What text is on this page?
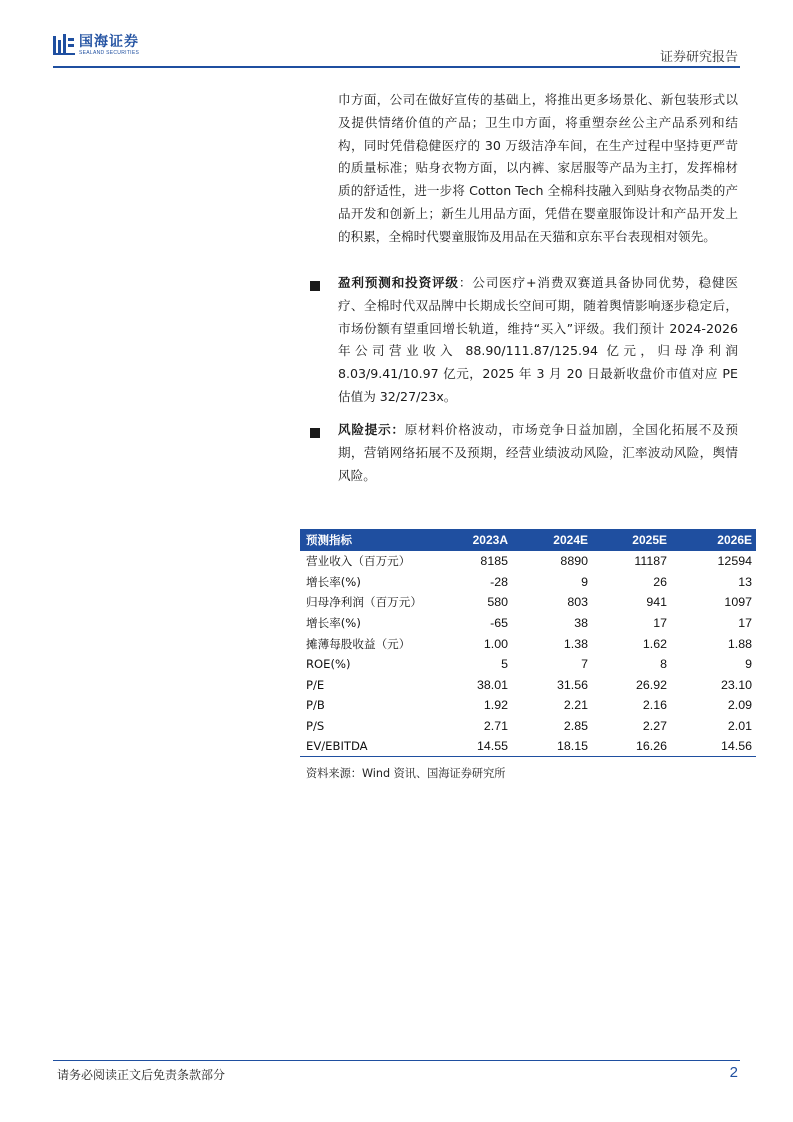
国海证券
SEALAND SECURITIES	证券研究报告

巾方面，公司在做好宣传的基础上，将推出更多场景化、新包装形式以及提供情绪价值的产品；卫生巾方面，将重塑奈丝公主产品系列和结构，同时凭借稳健医疗的 30 万级洁净车间，在生产过程中坚持更严苛的质量标准；贴身衣物方面，以内裤、家居服等产品为主打，发挥棉材质的舒适性，进一步将 Cotton Tech 全棉科技融入到贴身衣物品类的产品开发和创新上；新生儿用品方面，凭借在婴童服饰设计和产品开发上的积累，全棉时代婴童服饰及用品在天猫和京东平台表现相对领先。

盈利预测和投资评级：公司医疗+消费双赛道具备协同优势，稳健医疗、全棉时代双品牌中长期成长空间可期，随着舆情影响逐步稳定后，市场份额有望重回增长轨道，维持“买入”评级。我们预计 2024-2026 年公司营业收入 88.90/111.87/125.94 亿元，归母净利润 8.03/9.41/10.97 亿元，2025 年 3 月 20 日最新收盘价市值对应 PE 估值为 32/27/23x。

风险提示：原材料价格波动，市场竞争日益加剧，全国化拓展不及预期，营销网络拓展不及预期，经营业绩波动风险，汇率波动风险，舆情风险。

预测指标	2023A	2024E	2025E	2026E
营业收入（百万元）	8185	8890	11187	12594
增长率(%)	-28	9	26	13
归母净利润（百万元）	580	803	941	1097
增长率(%)	-65	38	17	17
摊薄每股收益（元）	1.00	1.38	1.62	1.88
ROE(%)	5	7	8	9
P/E	38.01	31.56	26.92	23.10
P/B	1.92	2.21	2.16	2.09
P/S	2.71	2.85	2.27	2.01
EV/EBITDA	14.55	18.15	16.26	14.56

资料来源：Wind 资讯、国海证券研究所

请务必阅读正文后免责条款部分	2
